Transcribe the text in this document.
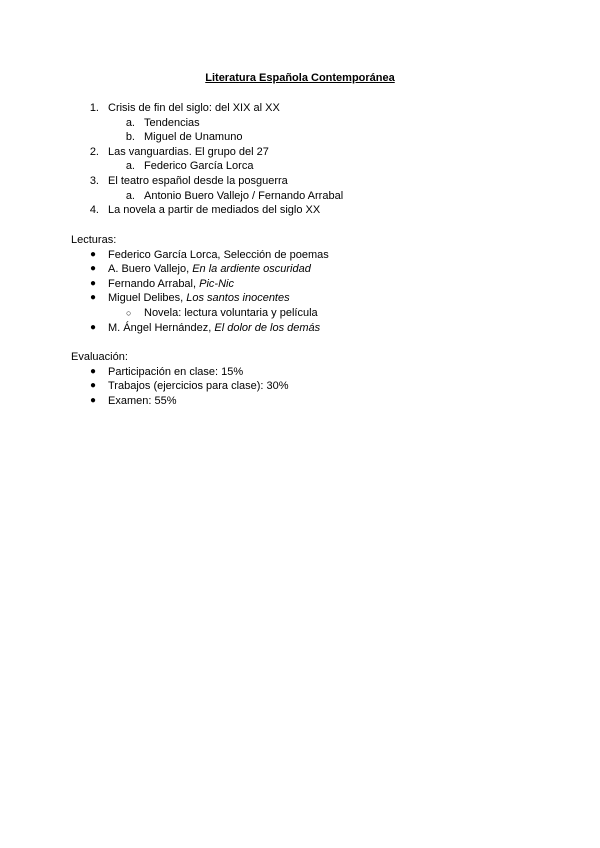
Literatura Española Contemporánea
1. Crisis de fin del siglo: del XIX al XX
a. Tendencias
b. Miguel de Unamuno
2. Las vanguardias. El grupo del 27
a. Federico García Lorca
3. El teatro español desde la posguerra
a. Antonio Buero Vallejo / Fernando Arrabal
4. La novela a partir de mediados del siglo XX
Lecturas:
● Federico García Lorca, Selección de poemas
● A. Buero Vallejo, En la ardiente oscuridad
● Fernando Arrabal, Pic-Nic
● Miguel Delibes, Los santos inocentes
○ Novela: lectura voluntaria y película
● M. Ángel Hernández, El dolor de los demás
Evaluación:
● Participación en clase: 15%
● Trabajos (ejercicios para clase): 30%
● Examen: 55%
